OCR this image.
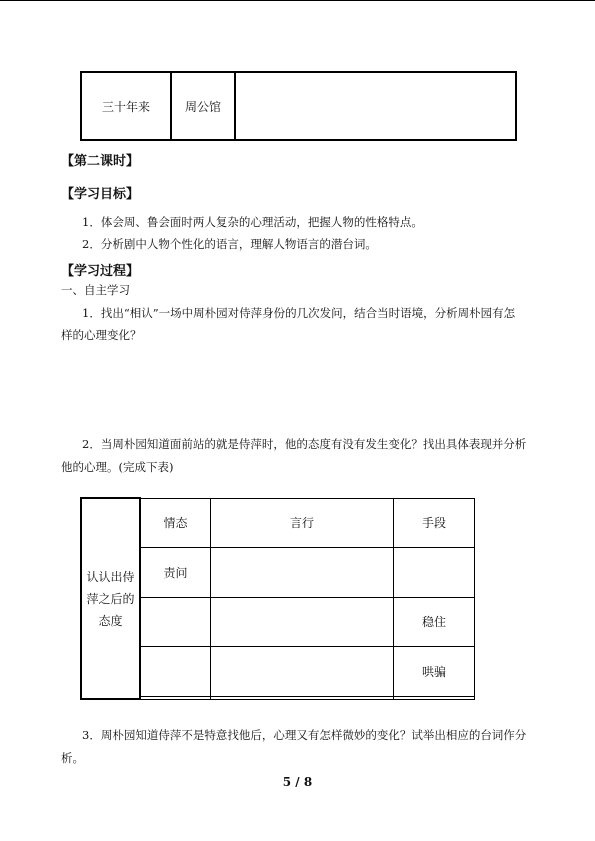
三十年来	周公馆	
【第二课时】
【学习目标】
1．体会周、鲁会面时两人复杂的心理活动，把握人物的性格特点。
2．分析剧中人物个性化的语言，理解人物语言的潜台词。
【学习过程】
一、自主学习
1．找出“相认”一场中周朴园对侍萍身份的几次发问，结合当时语境，分析周朴园有怎
样的心理变化？
2．当周朴园知道面前站的就是侍萍时，他的态度有没有发生变化？找出具体表现并分析
他的心理。(完成下表)
认认出侍
萍之后的
态度	情态	言行	手段
	责问		
			稳住
			哄骗

3．周朴园知道侍萍不是特意找他后，心理又有怎样微妙的变化？试举出相应的台词作分
析。
5 / 8
